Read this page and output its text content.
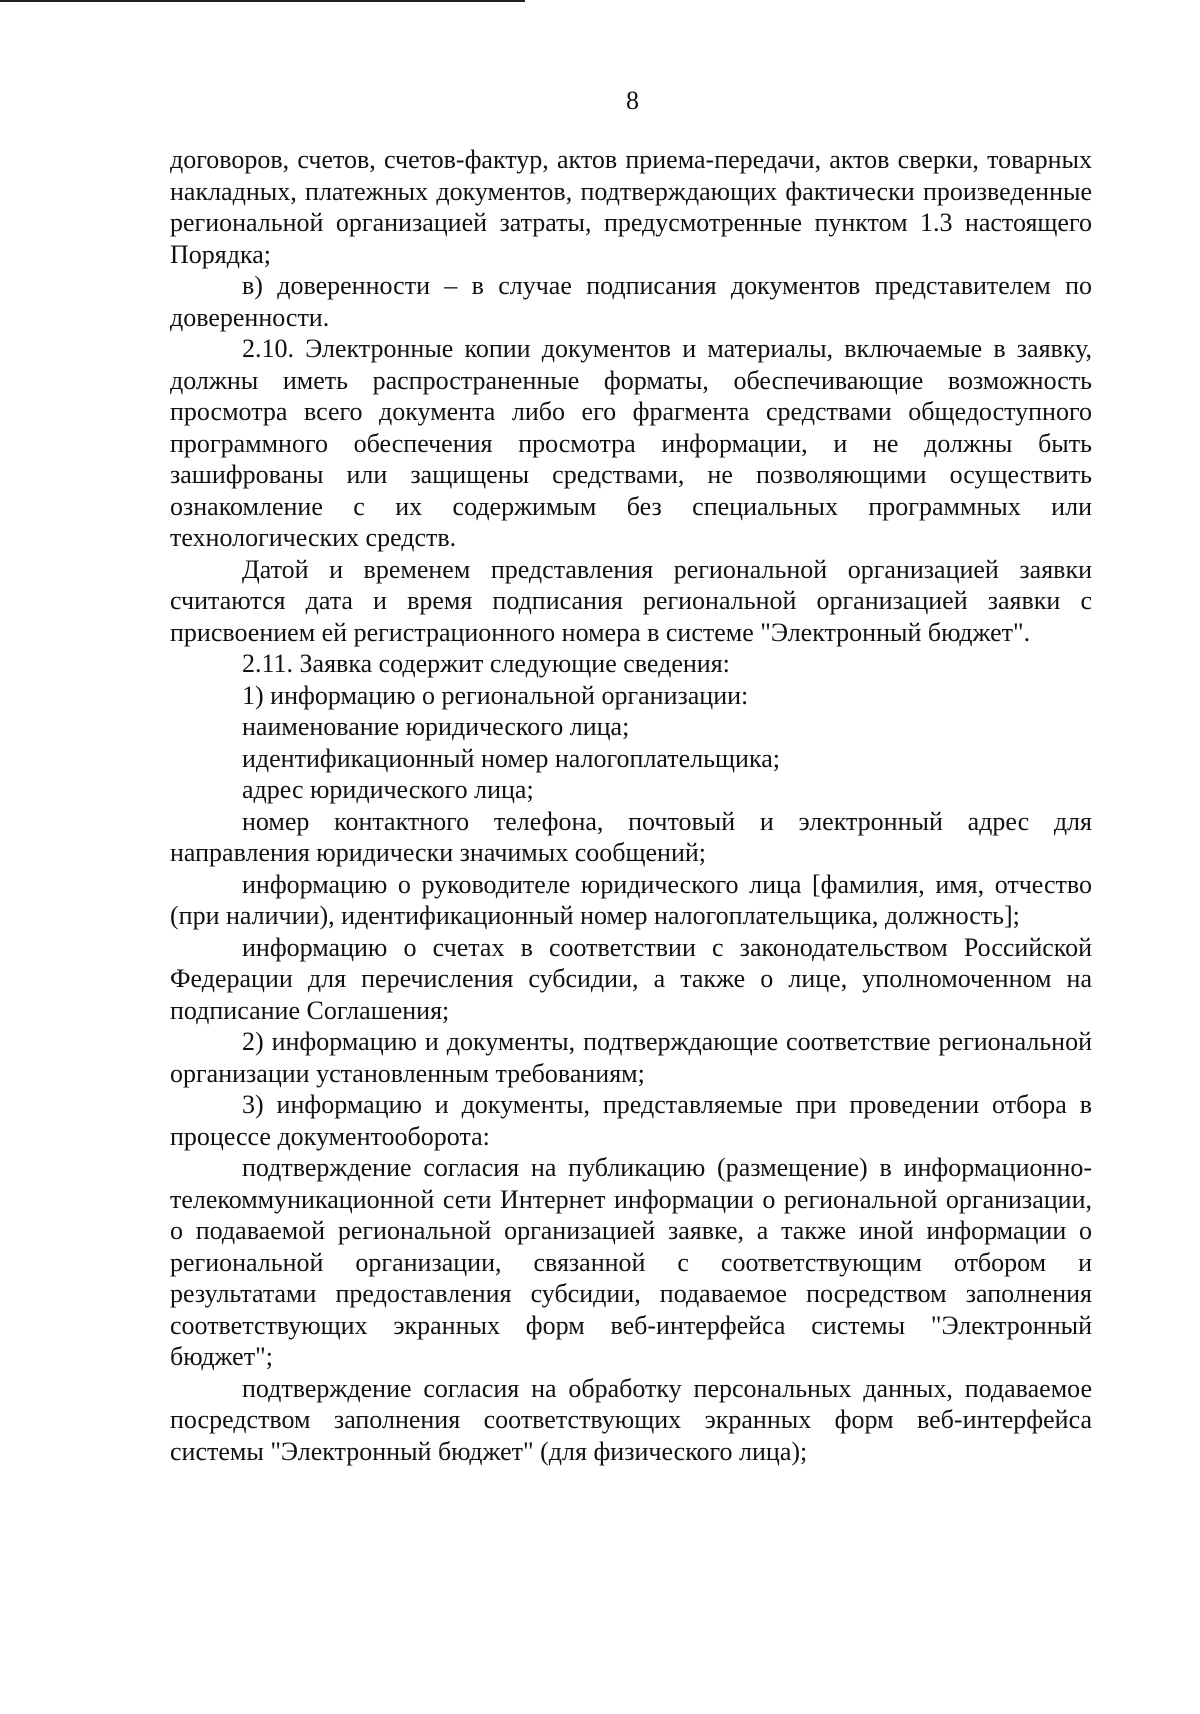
8

договоров, счетов, счетов-фактур, актов приема-передачи, актов сверки, товарных накладных, платежных документов, подтверждающих фактически произведенные региональной организацией затраты, предусмотренные пунктом 1.3 настоящего Порядка;

в) доверенности – в случае подписания документов представителем по доверенности.

2.10. Электронные копии документов и материалы, включаемые в заявку, должны иметь распространенные форматы, обеспечивающие возможность просмотра всего документа либо его фрагмента средствами общедоступного программного обеспечения просмотра информации, и не должны быть зашифрованы или защищены средствами, не позволяющими осуществить ознакомление с их содержимым без специальных программных или технологических средств.

Датой и временем представления региональной организацией заявки считаются дата и время подписания региональной организацией заявки с присвоением ей регистрационного номера в системе "Электронный бюджет".

2.11. Заявка содержит следующие сведения:

1) информацию о региональной организации:

наименование юридического лица;

идентификационный номер налогоплательщика;

адрес юридического лица;

номер контактного телефона, почтовый и электронный адрес для направления юридически значимых сообщений;

информацию о руководителе юридического лица [фамилия, имя, отчество (при наличии), идентификационный номер налогоплательщика, должность];

информацию о счетах в соответствии с законодательством Российской Федерации для перечисления субсидии, а также о лице, уполномоченном на подписание Соглашения;

2) информацию и документы, подтверждающие соответствие региональной организации установленным требованиям;

3) информацию и документы, представляемые при проведении отбора в процессе документооборота:

подтверждение согласия на публикацию (размещение) в информационно-телекоммуникационной сети Интернет информации о региональной организации, о подаваемой региональной организацией заявке, а также иной информации о региональной организации, связанной с соответствующим отбором и результатами предоставления субсидии, подаваемое посредством заполнения соответствующих экранных форм веб-интерфейса системы "Электронный бюджет";

подтверждение согласия на обработку персональных данных, подаваемое посредством заполнения соответствующих экранных форм веб-интерфейса системы "Электронный бюджет" (для физического лица);
